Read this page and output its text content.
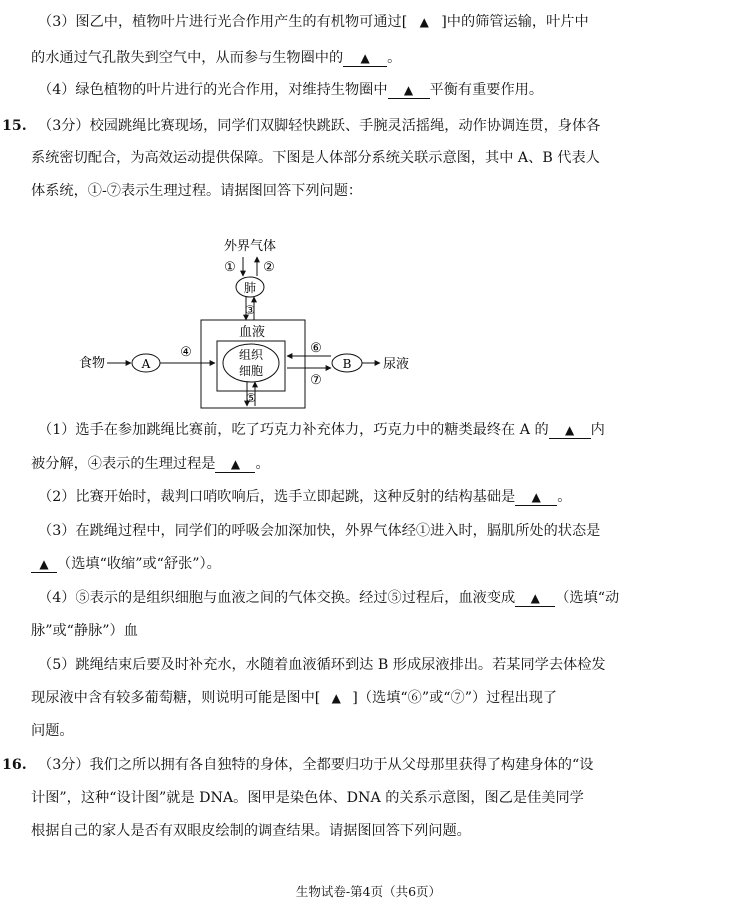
（3）图乙中，植物叶片进行光合作用产生的有机物可通过[ ▲ ]中的筛管运输，叶片中
的水通过气孔散失到空气中，从而参与生物圈中的 ▲ 。
（4）绿色植物的叶片进行的光合作用，对维持生物圈中 ▲ 平衡有重要作用。
15. （3分）校园跳绳比赛现场，同学们双脚轻快跳跃、手腕灵活摇绳，动作协调连贯，身体各
系统密切配合，为高效运动提供保障。下图是人体部分系统关联示意图，其中 A、B 代表人
体系统，①-⑦表示生理过程。请据图回答下列问题：
外界气体
① ②
肺
③
血液
组织
细胞
⑤
食物	A
④	⑥
⑦
B 尿液
（1）选手在参加跳绳比赛前，吃了巧克力补充体力，巧克力中的糖类最终在 A 的 ▲ 内
被分解，④表示的生理过程是 ▲ 。
（2）比赛开始时，裁判口哨吹响后，选手立即起跳，这种反射的结构基础是 ▲ 。
（3）在跳绳过程中，同学们的呼吸会加深加快，外界气体经①进入时，膈肌所处的状态是
▲ （选填“收缩”或“舒张”）。
（4）⑤表示的是组织细胞与血液之间的气体交换。经过⑤过程后，血液变成 ▲ （选填“动
脉”或“静脉”）血
（5）跳绳结束后要及时补充水，水随着血液循环到达 B 形成尿液排出。若某同学去体检发
现尿液中含有较多葡萄糖，则说明可能是图中[ ▲ ]（选填“⑥”或“⑦”）过程出现了
问题。
16. （3分）我们之所以拥有各自独特的身体，全都要归功于从父母那里获得了构建身体的“设
计图”，这种“设计图”就是 DNA。图甲是染色体、DNA 的关系示意图，图乙是佳美同学
根据自己的家人是否有双眼皮绘制的调查结果。请据图回答下列问题。
生物试卷-第4页（共6页）
